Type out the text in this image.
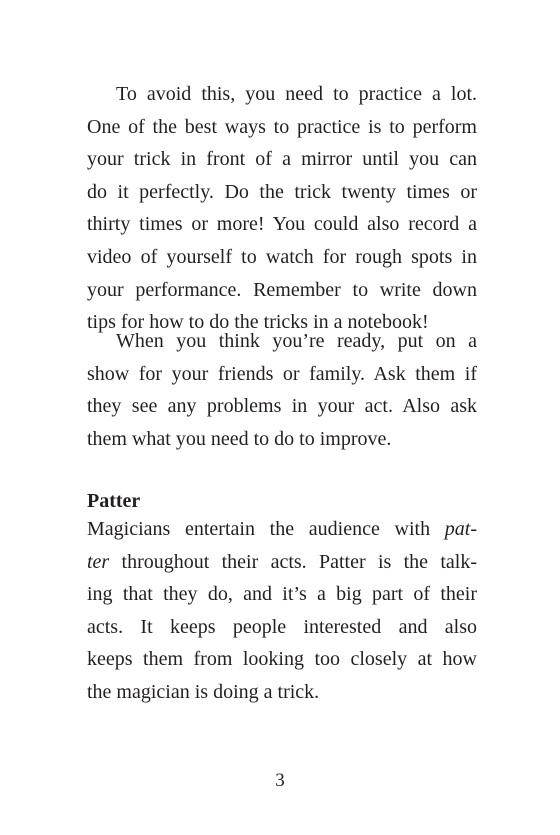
To avoid this, you need to practice a lot.
One of the best ways to practice is to perform
your trick in front of a mirror until you can
do it perfectly. Do the trick twenty times or
thirty times or more! You could also record a
video of yourself to watch for rough spots in
your performance. Remember to write down
tips for how to do the tricks in a notebook!
When you think you’re ready, put on a
show for your friends or family. Ask them if
they see any problems in your act. Also ask
them what you need to do to improve.
Patter
Magicians entertain the audience with pat-
ter throughout their acts. Patter is the talk-
ing that they do, and it’s a big part of their
acts. It keeps people interested and also
keeps them from looking too closely at how
the magician is doing a trick.
3
